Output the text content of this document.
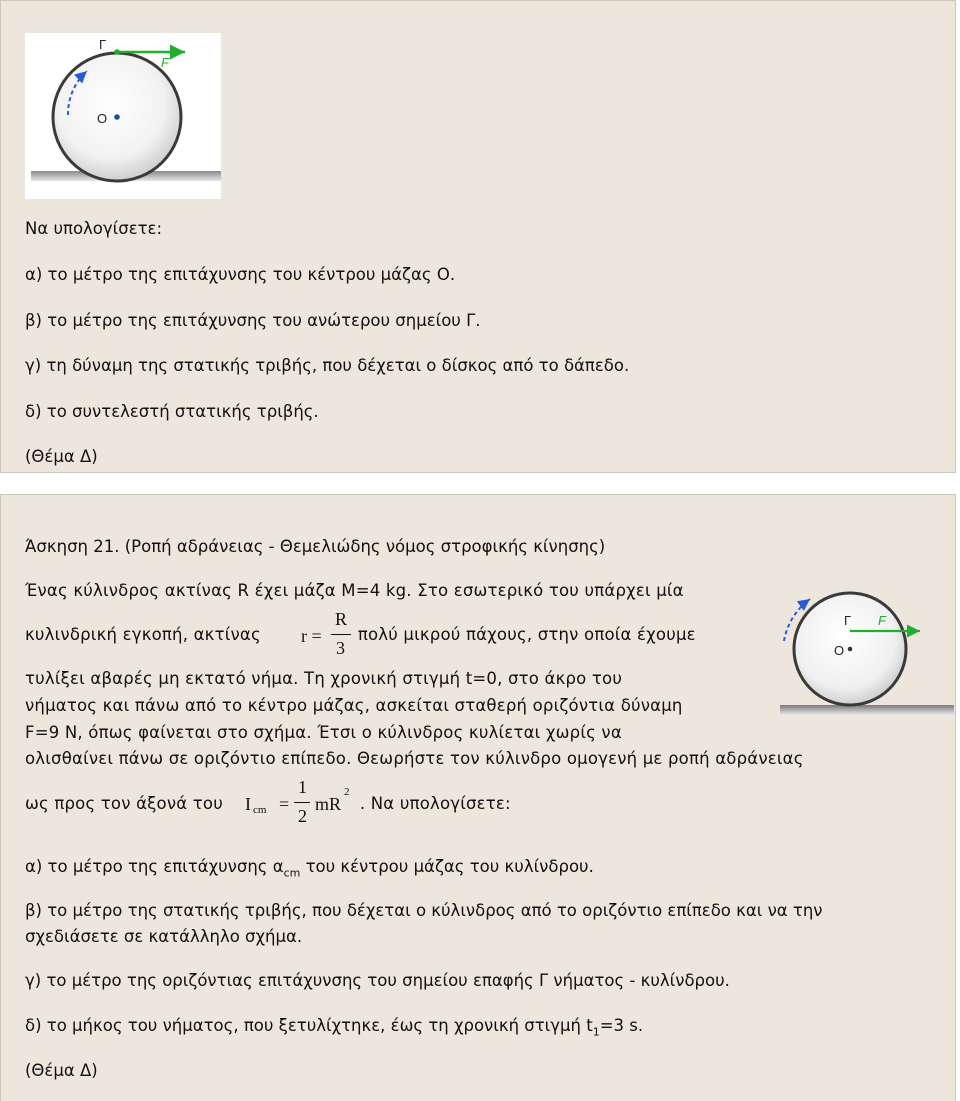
Γ
F
O
Να υπολογίσετε:
α) το μέτρο της επιτάχυνσης του κέντρου μάζας Ο.
β) το μέτρο της επιτάχυνσης του ανώτερου σημείου Γ.
γ) τη δύναμη της στατικής τριβής, που δέχεται ο δίσκος από το δάπεδο.
δ) το συντελεστή στατικής τριβής.
(Θέμα Δ)
Άσκηση 21. (Ροπή αδράνειας - Θεμελιώδης νόμος στροφικής κίνησης)
Ένας κύλινδρος ακτίνας R έχει μάζα M=4 kg. Στο εσωτερικό του υπάρχει μία
κυλινδρική εγκοπή, ακτίνας	πολύ μικρού πάχους, στην οποία έχουμε
r =
R
3
τυλίξει αβαρές μη εκτατό νήμα. Τη χρονική στιγμή t=0, στο άκρο του
νήματος και πάνω από το κέντρο μάζας, ασκείται σταθερή οριζόντια δύναμη
F=9 N, όπως φαίνεται στο σχήμα. Έτσι ο κύλινδρος κυλίεται χωρίς να
ολισθαίνει πάνω σε οριζόντιο επίπεδο. Θεωρήστε τον κύλινδρο ομογενή με ροπή αδράνειας
ως προς τον άξονά του	. Να υπολογίσετε:
I cm =
1
2
mR
2
α) το μέτρο της επιτάχυνσης $\alpha_{cm}$ του κέντρου μάζας του κυλίνδρου.
β) το μέτρο της στατικής τριβής, που δέχεται ο κύλινδρος από το οριζόντιο επίπεδο και να την
σχεδιάσετε σε κατάλληλο σχήμα.
γ) το μέτρο της οριζόντιας επιτάχυνσης του σημείου επαφής Γ νήματος - κυλίνδρου.
δ) το μήκος του νήματος, που ξετυλίχτηκε, έως τη χρονική στιγμή $t_1=3$ s.
(Θέμα Δ)
Γ F
O
